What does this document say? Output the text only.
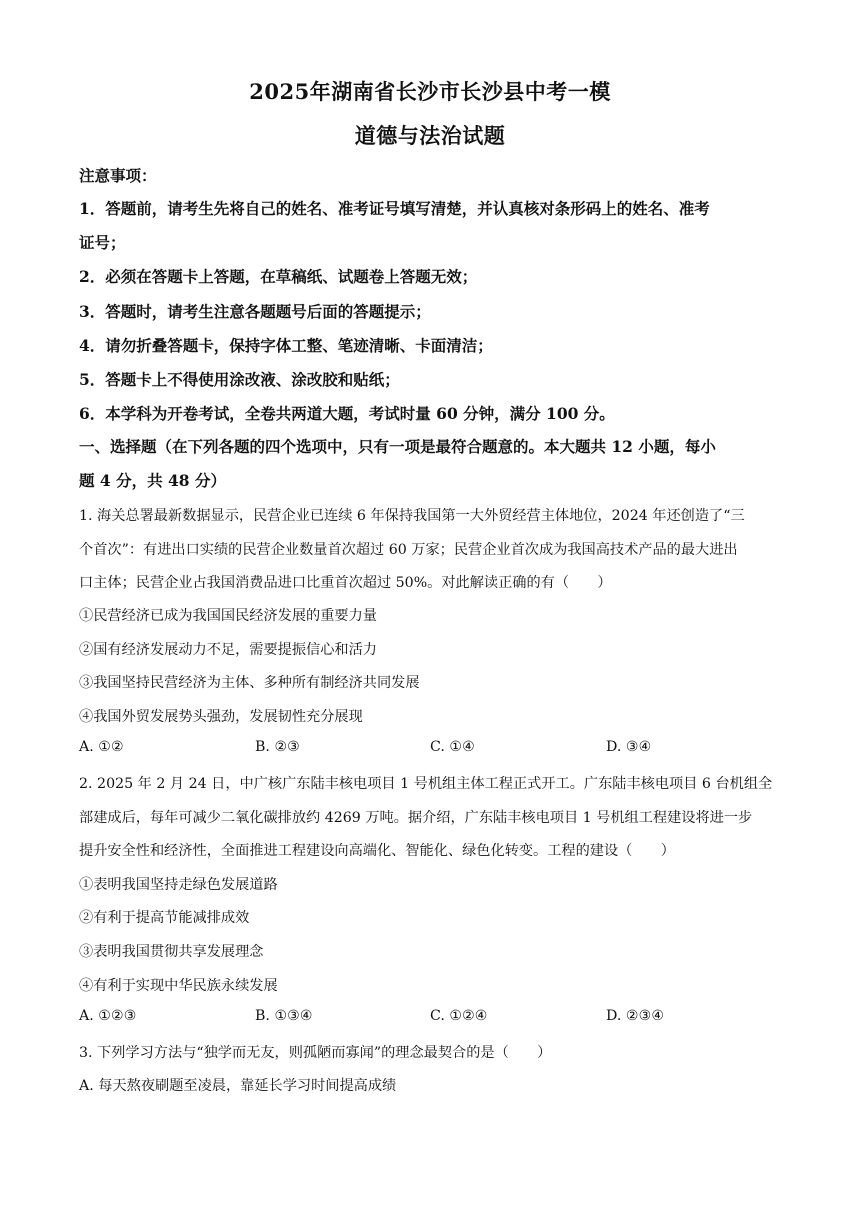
2025年湖南省长沙市长沙县中考一模
道德与法治试题
注意事项：
1．答题前，请考生先将自己的姓名、准考证号填写清楚，并认真核对条形码上的姓名、准考
证号；
2．必须在答题卡上答题，在草稿纸、试题卷上答题无效；
3．答题时，请考生注意各题题号后面的答题提示；
4．请勿折叠答题卡，保持字体工整、笔迹清晰、卡面清洁；
5．答题卡上不得使用涂改液、涂改胶和贴纸；
6．本学科为开卷考试，全卷共两道大题，考试时量 60 分钟，满分 100 分。
一、选择题（在下列各题的四个选项中，只有一项是最符合题意的。本大题共 12 小题，每小
题 4 分，共 48 分）
1. 海关总署最新数据显示，民营企业已连续 6 年保持我国第一大外贸经营主体地位，2024 年还创造了“三
个首次”：有进出口实绩的民营企业数量首次超过 60 万家；民营企业首次成为我国高技术产品的最大进出
口主体；民营企业占我国消费品进口比重首次超过 50%。对此解读正确的有（　　）
①民营经济已成为我国国民经济发展的重要力量
②国有经济发展动力不足，需要提振信心和活力
③我国坚持民营经济为主体、多种所有制经济共同发展
④我国外贸发展势头强劲，发展韧性充分展现
A. ①②	B. ②③	C. ①④	D. ③④
2. 2025 年 2 月 24 日，中广核广东陆丰核电项目 1 号机组主体工程正式开工。广东陆丰核电项目 6 台机组全
部建成后，每年可减少二氧化碳排放约 4269 万吨。据介绍，广东陆丰核电项目 1 号机组工程建设将进一步
提升安全性和经济性，全面推进工程建设向高端化、智能化、绿色化转变。工程的建设（　　）
①表明我国坚持走绿色发展道路
②有利于提高节能减排成效
③表明我国贯彻共享发展理念
④有利于实现中华民族永续发展
A. ①②③	B. ①③④	C. ①②④	D. ②③④
3. 下列学习方法与“独学而无友，则孤陋而寡闻”的理念最契合的是（　　）
A. 每天熬夜刷题至凌晨，靠延长学习时间提高成绩
